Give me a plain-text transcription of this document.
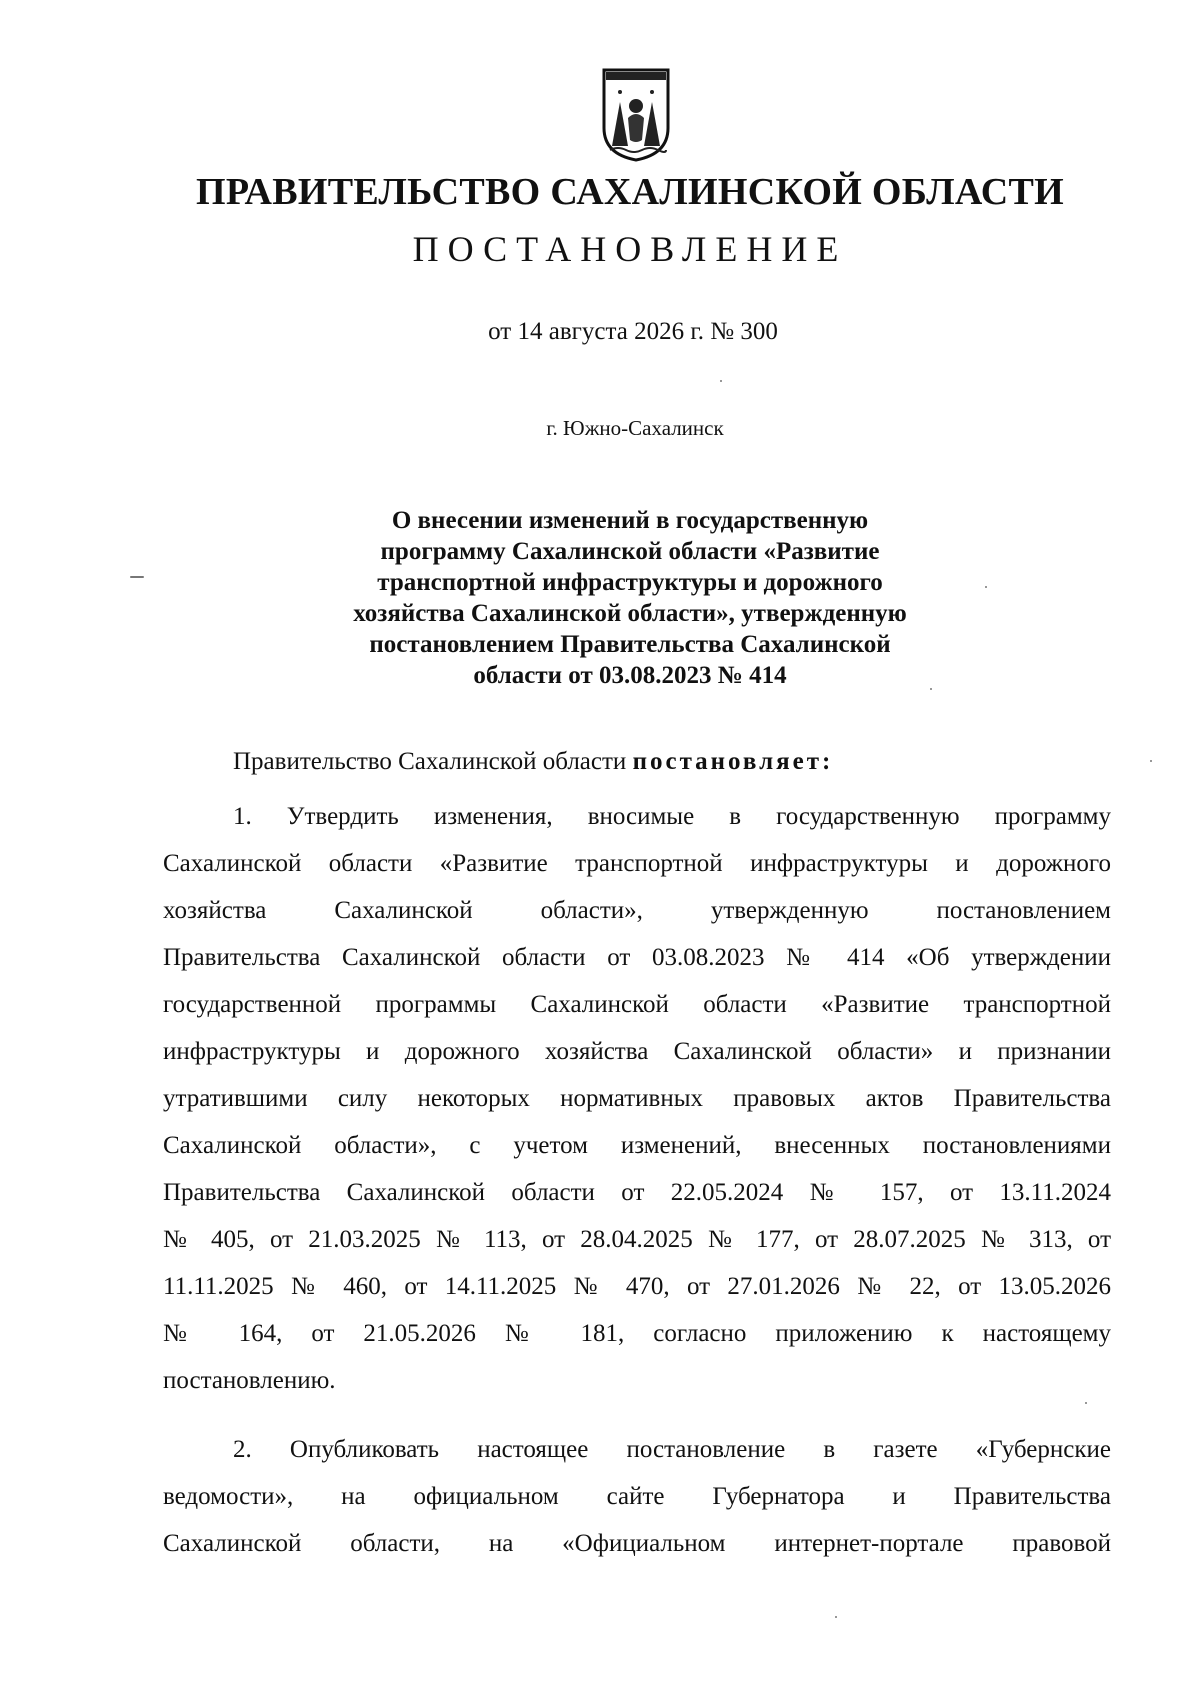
ПРАВИТЕЛЬСТВО САХАЛИНСКОЙ ОБЛАСТИ
ПОСТАНОВЛЕНИЕ
от 14 августа 2026 г. № 300
г. Южно-Сахалинск
О внесении изменений в государственную
программу Сахалинской области «Развитие
транспортной инфраструктуры и дорожного
хозяйства Сахалинской области», утвержденную
постановлением Правительства Сахалинской
области от 03.08.2023 № 414
Правительство Сахалинской области постановляет:
1. Утвердить изменения, вносимые в государственную программу
Сахалинской области «Развитие транспортной инфраструктуры и дорожного
хозяйства Сахалинской области», утвержденную постановлением
Правительства Сахалинской области от 03.08.2023 № 414 «Об утверждении
государственной программы Сахалинской области «Развитие транспортной
инфраструктуры и дорожного хозяйства Сахалинской области» и признании
утратившими силу некоторых нормативных правовых актов Правительства
Сахалинской области», с учетом изменений, внесенных постановлениями
Правительства Сахалинской области от 22.05.2024 № 157, от 13.11.2024
№ 405, от 21.03.2025 № 113, от 28.04.2025 № 177, от 28.07.2025 № 313, от
11.11.2025 № 460, от 14.11.2025 № 470, от 27.01.2026 № 22, от 13.05.2026
№ 164, от 21.05.2026 № 181, согласно приложению к настоящему
постановлению.
2. Опубликовать настоящее постановление в газете «Губернские
ведомости», на официальном сайте Губернатора и Правительства
Сахалинской области, на «Официальном интернет-портале правовой
